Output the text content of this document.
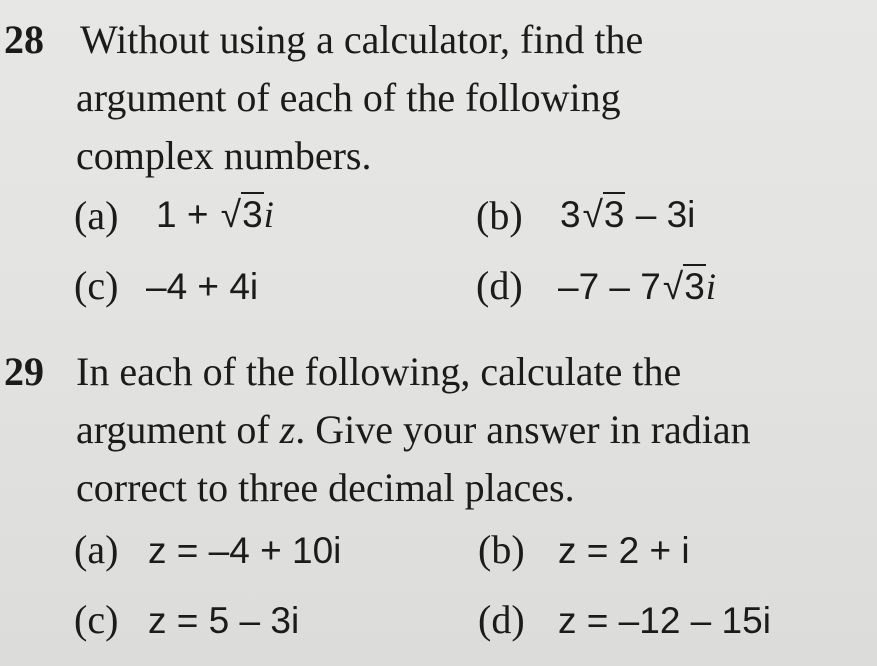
28 Without using a calculator, find the
argument of each of the following
complex numbers.
(a) 1 + √3i	(b) 3√3 – 3i
(c) –4 + 4i	(d) –7 – 7√3i
29 In each of the following, calculate the
argument of z. Give your answer in radian
correct to three decimal places.
(a) z = –4 + 10i	(b) z = 2 + i
(c) z = 5 – 3i	(d) z = –12 – 15i
